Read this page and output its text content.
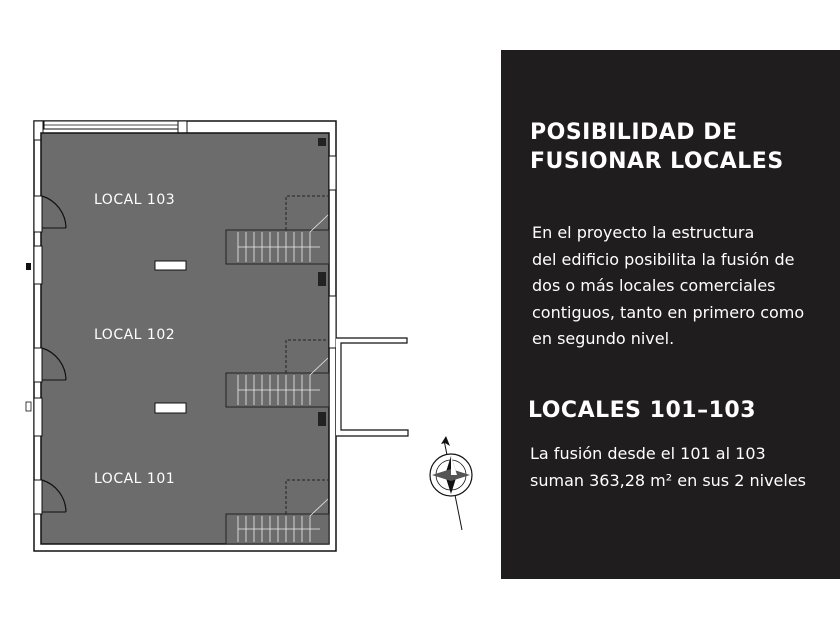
LOCAL 103
LOCAL 102
LOCAL 101
POSIBILIDAD DE
FUSIONAR LOCALES

En el proyecto la estructura
del edificio posibilita la fusión de
dos o más locales comerciales
contiguos, tanto en primero como
en segundo nivel.

LOCALES 101–103

La fusión desde el 101 al 103
suman 363,28 m² en sus 2 niveles
